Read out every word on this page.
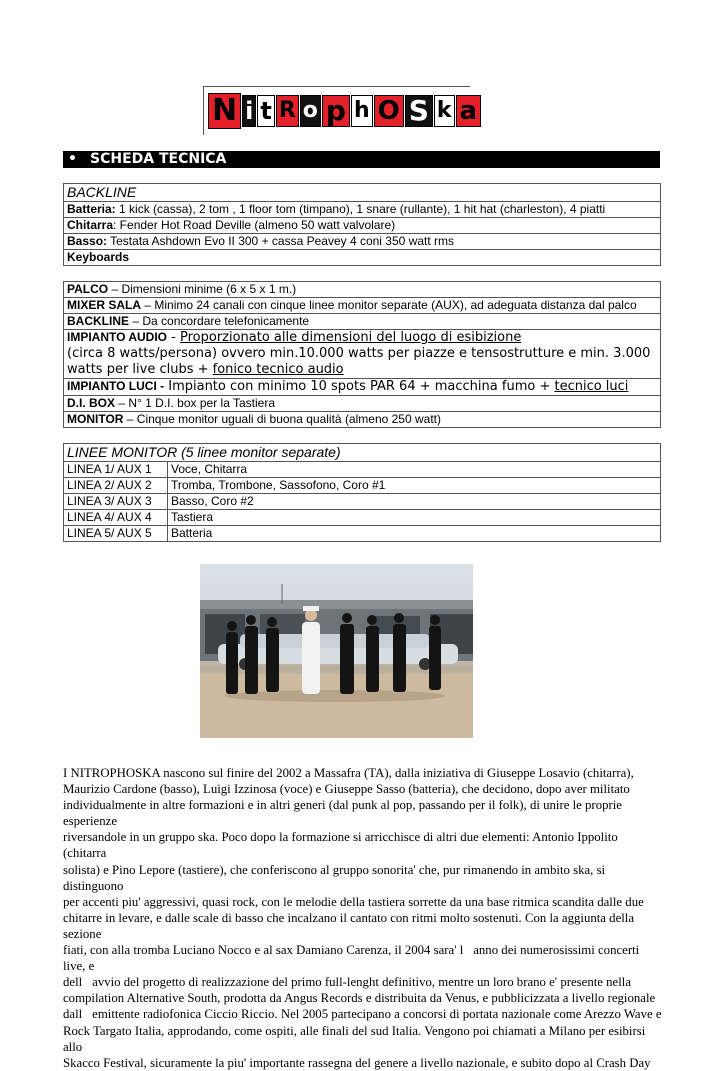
N i t R o p h O S k a
• SCHEDA TECNICA
BACKLINE
Batteria: 1 kick (cassa), 2 tom , 1 floor tom (timpano), 1 snare (rullante), 1 hit hat (charleston), 4 piatti
Chitarra: Fender Hot Road Deville (almeno 50 watt valvolare)
Basso: Testata Ashdown Evo II 300 + cassa Peavey 4 coni 350 watt rms
Keyboards
PALCO – Dimensioni minime (6 x 5 x 1 m.)
MIXER SALA – Minimo 24 canali con cinque linee monitor separate (AUX), ad adeguata distanza dal palco
BACKLINE – Da concordare telefonicamente
IMPIANTO AUDIO - Proporzionato alle dimensioni del luogo di esibizione
(circa 8 watts/persona) ovvero min.10.000 watts per piazze e tensostrutture e min. 3.000
watts per live clubs + fonico tecnico audio
IMPIANTO LUCI - Impianto con minimo 10 spots PAR 64 + macchina fumo + tecnico luci
D.I. BOX – N° 1 D.I. box per la Tastiera
MONITOR – Cinque monitor uguali di buona qualità (almeno 250 watt)
LINEE MONITOR (5 linee monitor separate)	
LINEA 1/ AUX 1	Voce, Chitarra
LINEA 2/ AUX 2	Tromba, Trombone, Sassofono, Coro #1
LINEA 3/ AUX 3	Basso, Coro #2
LINEA 4/ AUX 4	Tastiera
LINEA 5/ AUX 5	Batteria
I NITROPHOSKA nascono sul finire del 2002 a Massafra (TA), dalla iniziativa di Giuseppe Losavio (chitarra),
Maurizio Cardone (basso), Luigi Izzinosa (voce) e Giuseppe Sasso (batteria), che decidono, dopo aver militato
individualmente in altre formazioni e in altri generi (dal punk al pop, passando per il folk), di unire le proprie esperienze
riversandole in un gruppo ska. Poco dopo la formazione si arricchisce di altri due elementi: Antonio Ippolito (chitarra
solista) e Pino Lepore (tastiere), che conferiscono al gruppo sonorita' che, pur rimanendo in ambito ska, si distinguono
per accenti piu' aggressivi, quasi rock, con le melodie della tastiera sorrette da una base ritmica scandita dalle due
chitarre in levare, e dalle scale di basso che incalzano il cantato con ritmi molto sostenuti. Con la aggiunta della sezione
fiati, con alla tromba Luciano Nocco e al sax Damiano Carenza, il 2004 sara' l anno dei numerosissimi concerti live, e
dell avvio del progetto di realizzazione del primo full-lenght definitivo, mentre un loro brano e' presente nella
compilation Alternative South, prodotta da Angus Records e distribuita da Venus, e pubblicizzata a livello regionale
dall emittente radiofonica Ciccio Riccio. Nel 2005 partecipano a concorsi di portata nazionale come Arezzo Wave e
Rock Targato Italia, approdando, come ospiti, alle finali del sud Italia. Vengono poi chiamati a Milano per esibirsi allo
Skacco Festival, sicuramente la piu' importante rassegna del genere a livello nazionale, e subito dopo al Crash Day
